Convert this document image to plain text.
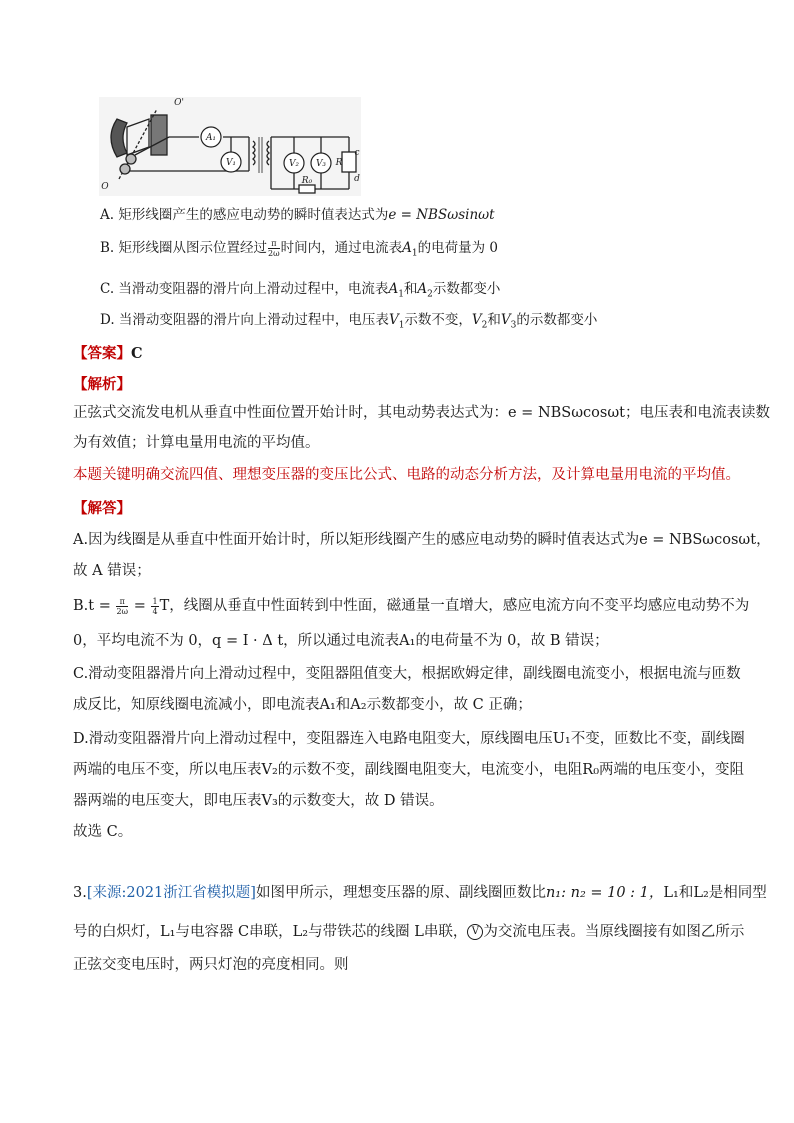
O'
O
A₁
V₁	V₂ V₃ R
R₀
c
d
A₂
A. 矩形线圈产生的感应电动势的瞬时值表达式为e = NBSωsinωt
B. 矩形线圈从图示位置经过 $\frac{\pi}{2\omega}$ 时间内，通过电流表$A_1$的电荷量为 0
C. 当滑动变阻器的滑片向上滑动过程中，电流表$A_1$和$A_2$示数都变小
D. 当滑动变阻器的滑片向上滑动过程中，电压表$V_1$示数不变，$V_2$和$V_3$的示数都变小
【答案】C
【解析】
正弦式交流发电机从垂直中性面位置开始计时，其电动势表达式为：e = NBSωcosωt；电压表和电流表读数
为有效值；计算电量用电流的平均值。
本题关键明确交流四值、理想变压器的变压比公式、电路的动态分析方法，及计算电量用电流的平均值。
【解答】
A.因为线圈是从垂直中性面开始计时，所以矩形线圈产生的感应电动势的瞬时值表达式为e = NBSωcosωt，
故 A 错误；
$B.t = \frac{\pi}{2\omega} = \frac{1}{4}$ T，线圈从垂直中性面转到中性面，磁通量一直增大，感应电流方向不变平均感应电动势不为
0，平均电流不为 0，q = I · Δ t，所以通过电流表A₁的电荷量不为 0，故 B 错误；
C.滑动变阻器滑片向上滑动过程中，变阻器阻值变大，根据欧姆定律，副线圈电流变小，根据电流与匝数
成反比，知原线圈电流减小，即电流表A₁和A₂示数都变小，故 C 正确；
D.滑动变阻器滑片向上滑动过程中，变阻器连入电路电阻变大，原线圈电压U₁不变，匝数比不变，副线圈
两端的电压不变，所以电压表V₂的示数不变，副线圈电阻变大，电流变小，电阻R₀两端的电压变小，变阻
器两端的电压变大，即电压表V₃的示数变大，故 D 错误。
故选 C。
3.[来源:2021浙江省模拟题]如图甲所示，理想变压器的原、副线圈匝数比n₁: n₂ = 10 : 1，L₁和L₂是相同型
号的白炽灯，L₁与电容器 C串联，L₂与带铁芯的线圈 L串联， V 为交流电压表。当原线圈接有如图乙所示
正弦交变电压时，两只灯泡的亮度相同。则
